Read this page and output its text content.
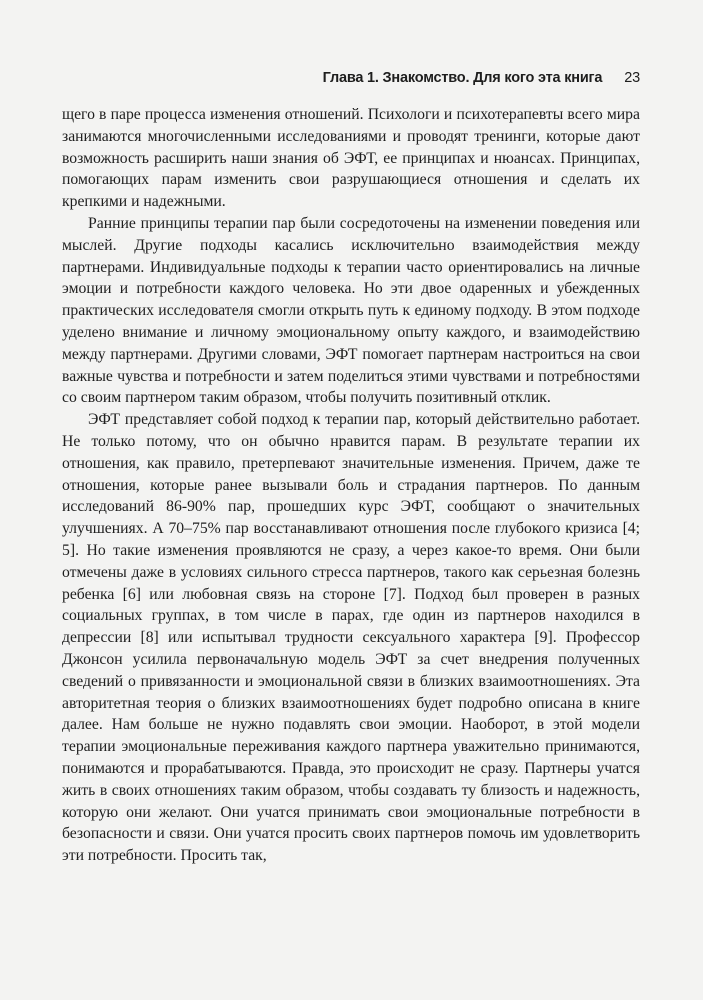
Глава 1. Знакомство. Для кого эта книга 23

щего в паре процесса изменения отношений. Психологи и психотерапевты всего мира занимаются многочисленными исследованиями и проводят тренинги, которые дают возможность расширить наши знания об ЭФТ, ее принципах и нюансах. Принципах, помогающих парам изменить свои разрушающиеся отношения и сделать их крепкими и надежными.

Ранние принципы терапии пар были сосредоточены на изменении поведения или мыслей. Другие подходы касались исключительно взаимодействия между партнерами. Индивидуальные подходы к терапии часто ориентировались на личные эмоции и потребности каждого человека. Но эти двое одаренных и убежденных практических исследователя смогли открыть путь к единому подходу. В этом подходе уделено внимание и личному эмоциональному опыту каждого, и взаимодействию между партнерами. Другими словами, ЭФТ помогает партнерам настроиться на свои важные чувства и потребности и затем поделиться этими чувствами и потребностями со своим партнером таким образом, чтобы получить позитивный отклик.

ЭФТ представляет собой подход к терапии пар, который действительно работает. Не только потому, что он обычно нравится парам. В результате терапии их отношения, как правило, претерпевают значительные изменения. Причем, даже те отношения, которые ранее вызывали боль и страдания партнеров. По данным исследований 86-90% пар, прошедших курс ЭФТ, сообщают о значительных улучшениях. А 70–75% пар восстанавливают отношения после глубокого кризиса [4; 5]. Но такие изменения проявляются не сразу, а через какое-то время. Они были отмечены даже в условиях сильного стресса партнеров, такого как серьезная болезнь ребенка [6] или любовная связь на стороне [7]. Подход был проверен в разных социальных группах, в том числе в парах, где один из партнеров находился в депрессии [8] или испытывал трудности сексуального характера [9]. Профессор Джонсон усилила первоначальную модель ЭФТ за счет внедрения полученных сведений о привязанности и эмоциональной связи в близких взаимоотношениях. Эта авторитетная теория о близких взаимоотношениях будет подробно описана в книге далее. Нам больше не нужно подавлять свои эмоции. Наоборот, в этой модели терапии эмоциональные переживания каждого партнера уважительно принимаются, понимаются и прорабатываются. Правда, это происходит не сразу. Партнеры учатся жить в своих отношениях таким образом, чтобы создавать ту близость и надежность, которую они желают. Они учатся принимать свои эмоциональные потребности в безопасности и связи. Они учатся просить своих партнеров помочь им удовлетворить эти потребности. Просить так,
